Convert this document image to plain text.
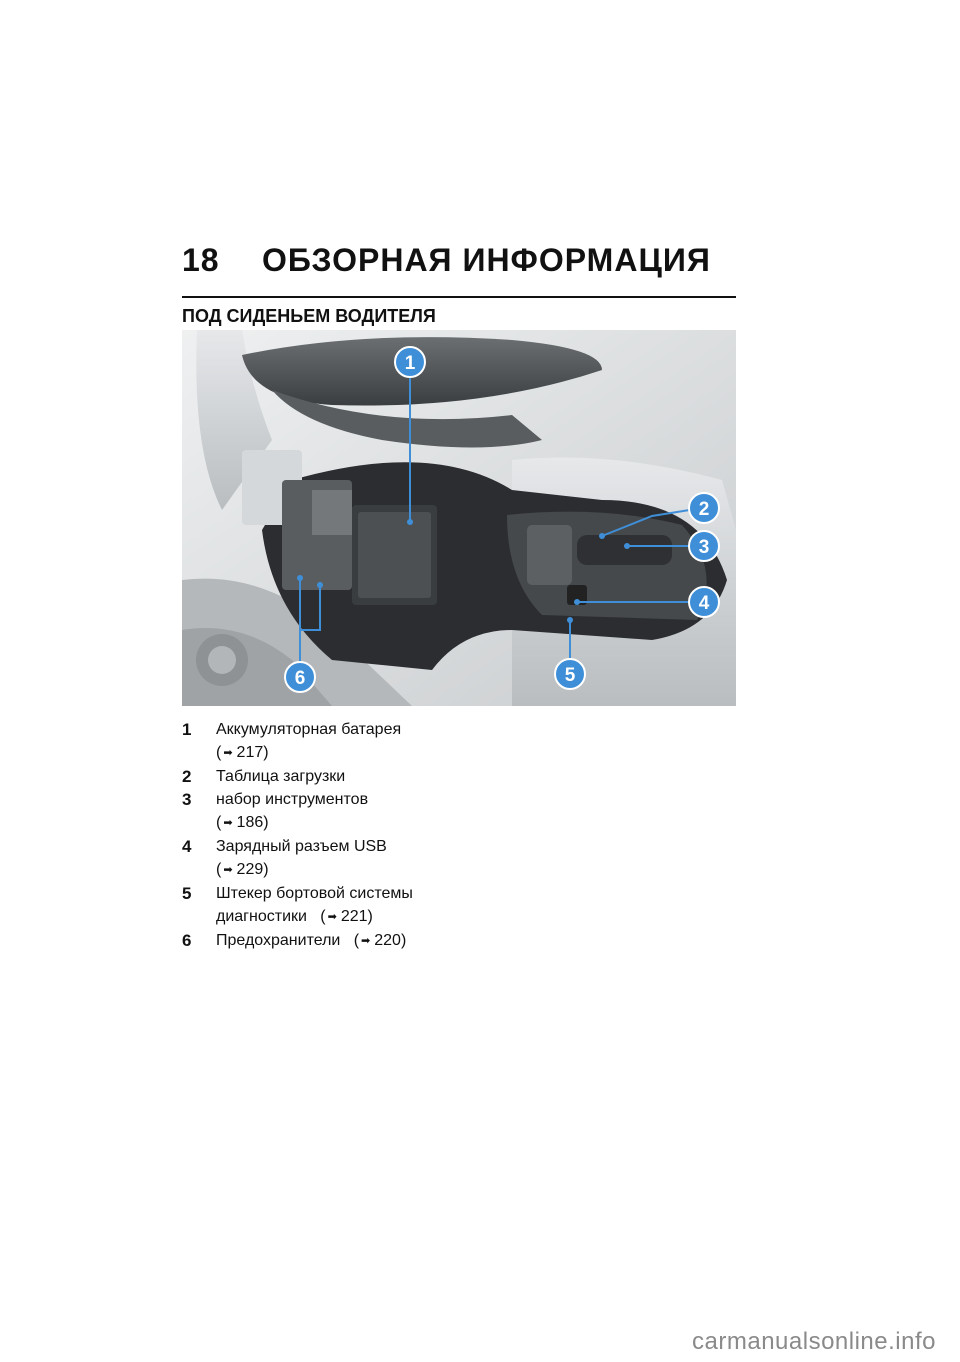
18 ОБЗОРНАЯ ИНФОРМАЦИЯ
ПОД СИДЕНЬЕМ ВОДИТЕЛЯ
1
2
3
4
5
6
1 Аккумуляторная батарея
( ➡ 217)
2 Таблица загрузки
3 набор инструментов
( ➡ 186)
4 Зарядный разъем USB
( ➡ 229)
5 Штекер бортовой системы
диагностики   ( ➡ 221)
6 Предохранители   ( ➡ 220)
carmanualsonline.info
